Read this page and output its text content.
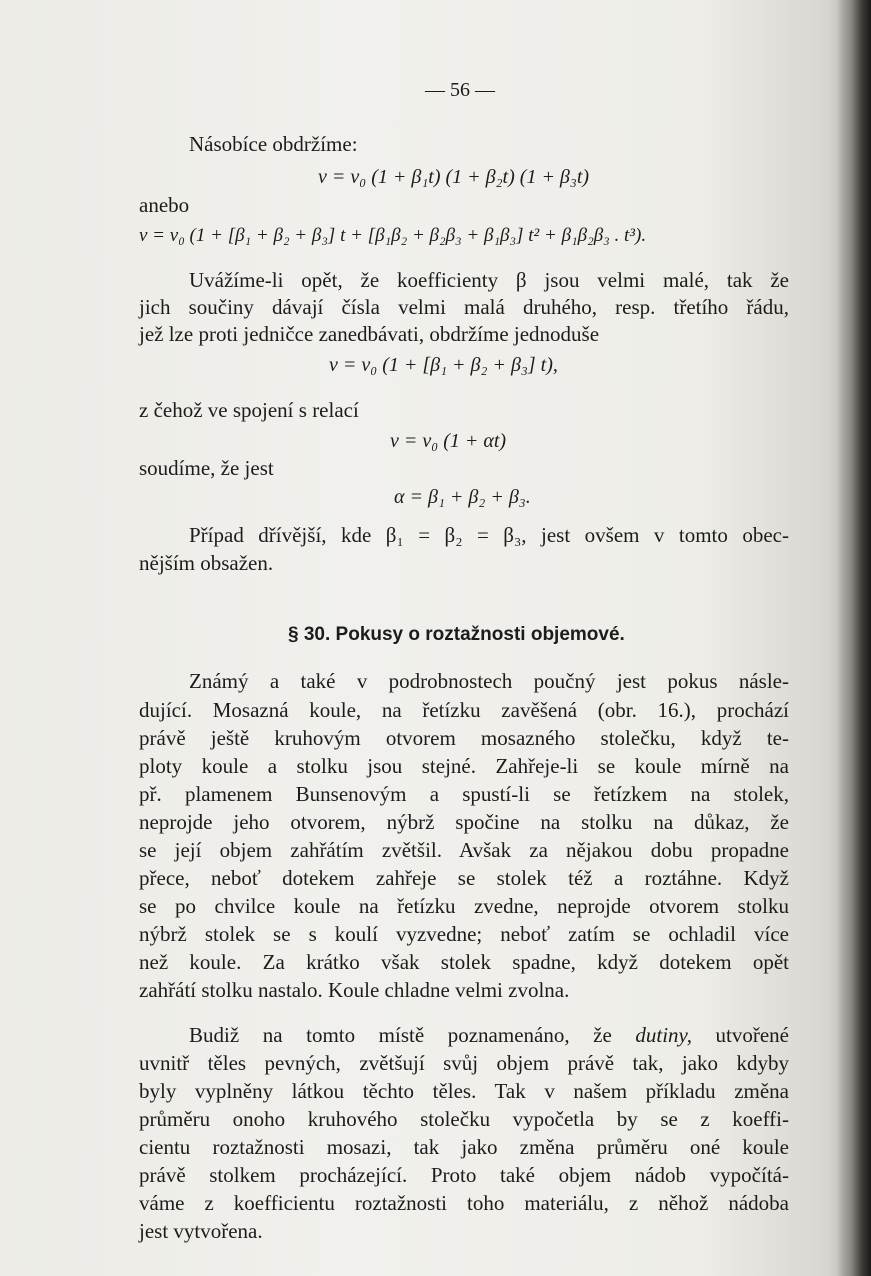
— 56 —
Násobíce obdržíme:
v = v₀ (1 + β₁t) (1 + β₂t) (1 + β₃t)
anebo
v = v₀ (1 + [β₁ + β₂ + β₃] t + [β₁β₂ + β₂β₃ + β₁β₃] t² + β₁β₂β₃ . t³).
Uvážíme-li opět, že koefficienty β jsou velmi malé, tak že
jich součiny dávají čísla velmi malá druhého, resp. třetího řádu,
jež lze proti jedničce zanedbávati, obdržíme jednoduše
v = v₀ (1 + [β₁ + β₂ + β₃] t),
z čehož ve spojení s relací
v = v₀ (1 + αt)
soudíme, že jest
α = β₁ + β₂ + β₃.
Případ dřívější, kde β₁ = β₂ = β₃, jest ovšem v tomto obec-
nějším obsažen.
§ 30. Pokusy o roztažnosti objemové.
Známý a také v podrobnostech poučný jest pokus násle-
dující. Mosazná koule, na řetízku zavěšená (obr. 16.), prochází
právě ještě kruhovým otvorem mosazného stolečku, když te-
ploty koule a stolku jsou stejné. Zahřeje-li se koule mírně na
př. plamenem Bunsenovým a spustí-li se řetízkem na stolek,
neprojde jeho otvorem, nýbrž spočine na stolku na důkaz, že
se její objem zahřátím zvětšil. Avšak za nějakou dobu propadne
přece, neboť dotekem zahřeje se stolek též a roztáhne. Když
se po chvilce koule na řetízku zvedne, neprojde otvorem stolku
nýbrž stolek se s koulí vyzvedne; neboť zatím se ochladil více
než koule. Za krátko však stolek spadne, když dotekem opět
zahřátí stolku nastalo. Koule chladne velmi zvolna.
Budiž na tomto místě poznamenáno, že dutiny, utvořené
uvnitř těles pevných, zvětšují svůj objem právě tak, jako kdyby
byly vyplněny látkou těchto těles. Tak v našem příkladu změna
průměru onoho kruhového stolečku vypočetla by se z koeffi-
cientu roztažnosti mosazi, tak jako změna průměru oné koule
právě stolkem procházející. Proto také objem nádob vypočítá-
váme z koefficientu roztažnosti toho materiálu, z něhož nádoba
jest vytvořena.
